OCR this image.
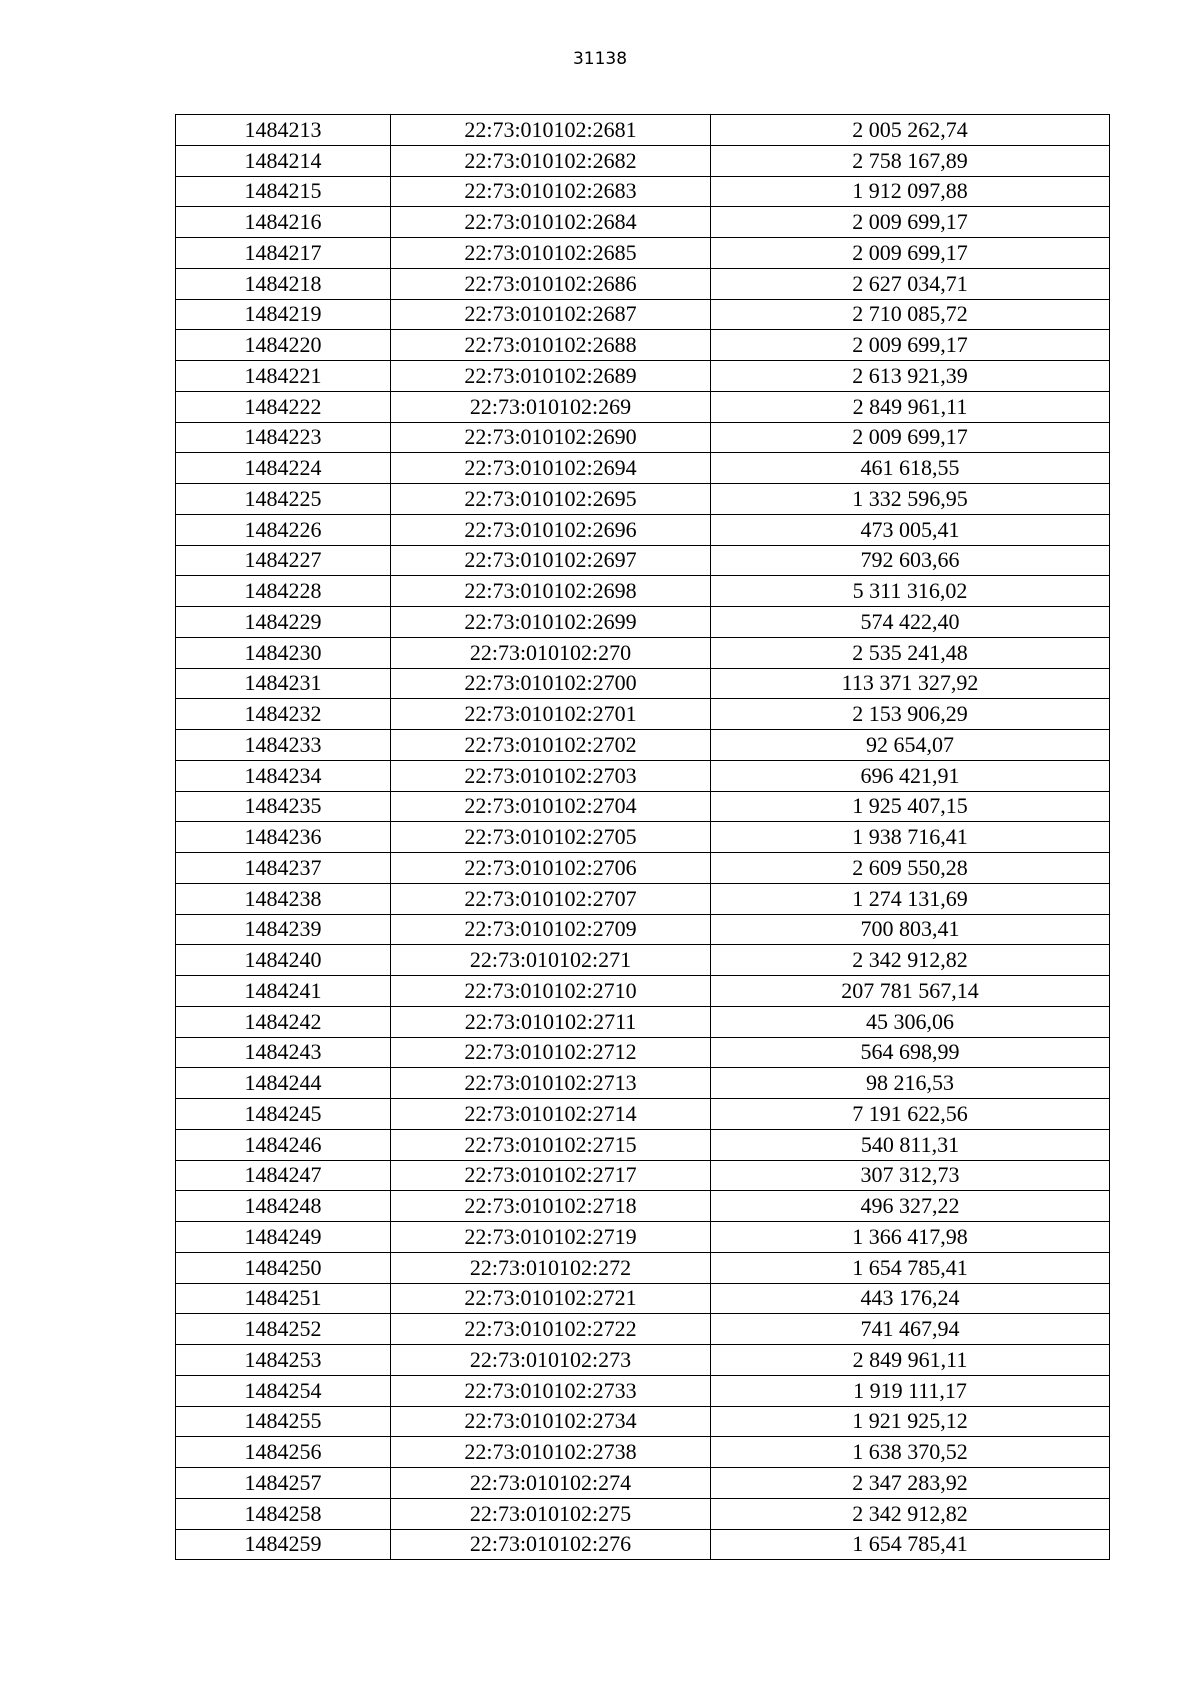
31138
1484213	22:73:010102:2681	2 005 262,74
1484214	22:73:010102:2682	2 758 167,89
1484215	22:73:010102:2683	1 912 097,88
1484216	22:73:010102:2684	2 009 699,17
1484217	22:73:010102:2685	2 009 699,17
1484218	22:73:010102:2686	2 627 034,71
1484219	22:73:010102:2687	2 710 085,72
1484220	22:73:010102:2688	2 009 699,17
1484221	22:73:010102:2689	2 613 921,39
1484222	22:73:010102:269	2 849 961,11
1484223	22:73:010102:2690	2 009 699,17
1484224	22:73:010102:2694	461 618,55
1484225	22:73:010102:2695	1 332 596,95
1484226	22:73:010102:2696	473 005,41
1484227	22:73:010102:2697	792 603,66
1484228	22:73:010102:2698	5 311 316,02
1484229	22:73:010102:2699	574 422,40
1484230	22:73:010102:270	2 535 241,48
1484231	22:73:010102:2700	113 371 327,92
1484232	22:73:010102:2701	2 153 906,29
1484233	22:73:010102:2702	92 654,07
1484234	22:73:010102:2703	696 421,91
1484235	22:73:010102:2704	1 925 407,15
1484236	22:73:010102:2705	1 938 716,41
1484237	22:73:010102:2706	2 609 550,28
1484238	22:73:010102:2707	1 274 131,69
1484239	22:73:010102:2709	700 803,41
1484240	22:73:010102:271	2 342 912,82
1484241	22:73:010102:2710	207 781 567,14
1484242	22:73:010102:2711	45 306,06
1484243	22:73:010102:2712	564 698,99
1484244	22:73:010102:2713	98 216,53
1484245	22:73:010102:2714	7 191 622,56
1484246	22:73:010102:2715	540 811,31
1484247	22:73:010102:2717	307 312,73
1484248	22:73:010102:2718	496 327,22
1484249	22:73:010102:2719	1 366 417,98
1484250	22:73:010102:272	1 654 785,41
1484251	22:73:010102:2721	443 176,24
1484252	22:73:010102:2722	741 467,94
1484253	22:73:010102:273	2 849 961,11
1484254	22:73:010102:2733	1 919 111,17
1484255	22:73:010102:2734	1 921 925,12
1484256	22:73:010102:2738	1 638 370,52
1484257	22:73:010102:274	2 347 283,92
1484258	22:73:010102:275	2 342 912,82
1484259	22:73:010102:276	1 654 785,41
